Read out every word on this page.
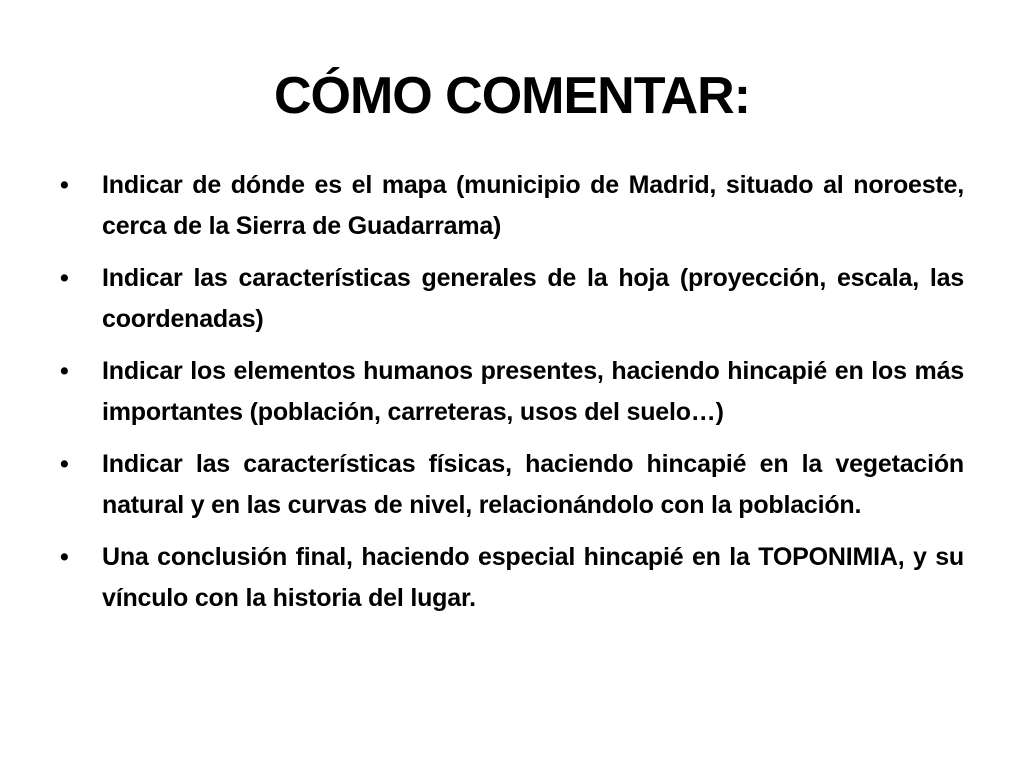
CÓMO COMENTAR:
•	Indicar de dónde es el mapa (municipio de Madrid, situado al noroeste, cerca de la Sierra de Guadarrama)
•	Indicar las características generales de la hoja (proyección, escala, las coordenadas)
•	Indicar los elementos humanos presentes, haciendo hincapié en los más importantes (población, carreteras, usos del suelo…)
•	Indicar las características físicas, haciendo hincapié en la vegetación natural y en las curvas de nivel, relacionándolo con la población.
•	Una conclusión final, haciendo especial hincapié en la TOPONIMIA, y su vínculo con la historia del lugar.
